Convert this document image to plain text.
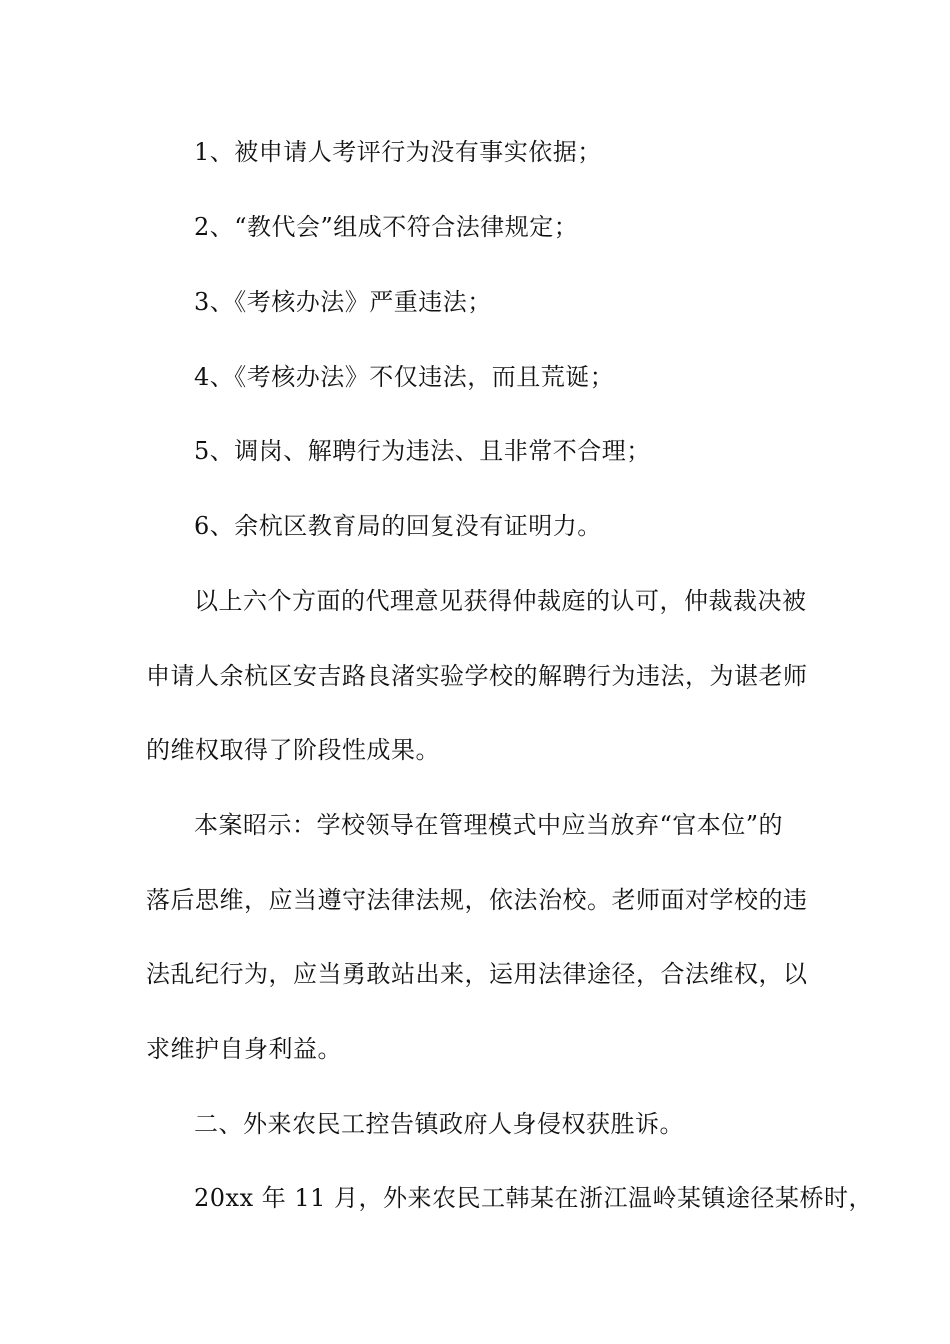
1、被申请人考评行为没有事实依据；
2、“教代会”组成不符合法律规定；
3、《考核办法》严重违法；
4、《考核办法》不仅违法，而且荒诞；
5、调岗、解聘行为违法、且非常不合理；
6、余杭区教育局的回复没有证明力。
以上六个方面的代理意见获得仲裁庭的认可，仲裁裁决被
申请人余杭区安吉路良渚实验学校的解聘行为违法，为谌老师
的维权取得了阶段性成果。
本案昭示：学校领导在管理模式中应当放弃“官本位”的
落后思维，应当遵守法律法规，依法治校。老师面对学校的违
法乱纪行为，应当勇敢站出来，运用法律途径，合法维权，以
求维护自身利益。
二、外来农民工控告镇政府人身侵权获胜诉。
20xx 年 11 月，外来农民工韩某在浙江温岭某镇途径某桥时，
